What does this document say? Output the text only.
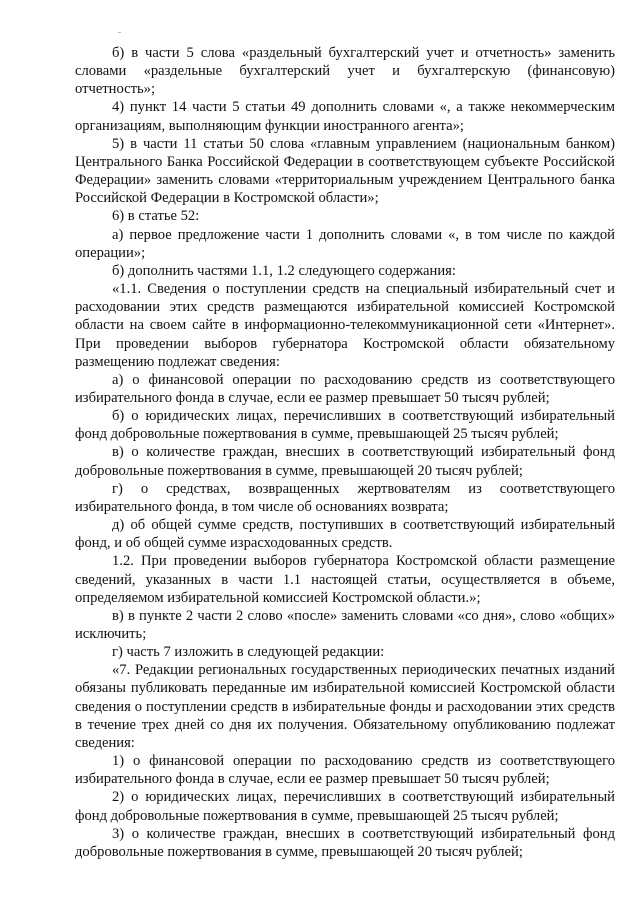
б) в части 5 слова «раздельный бухгалтерский учет и отчетность» заменить словами «раздельные бухгалтерский учет и бухгалтерскую (финансовую) отчетность»;

4) пункт 14 части 5 статьи 49 дополнить словами «, а также некоммерческим организациям, выполняющим функции иностранного агента»;

5) в части 11 статьи 50 слова «главным управлением (национальным банком) Центрального Банка Российской Федерации в соответствующем субъекте Российской Федерации» заменить словами «территориальным учреждением Центрального банка Российской Федерации в Костромской области»;

6) в статье 52:

а) первое предложение части 1 дополнить словами «, в том числе по каждой операции»;

б) дополнить частями 1.1, 1.2 следующего содержания:

«1.1. Сведения о поступлении средств на специальный избирательный счет и расходовании этих средств размещаются избирательной комиссией Костромской области на своем сайте в информационно-телекоммуникационной сети «Интернет». При проведении выборов губернатора Костромской области обязательному размещению подлежат сведения:

а) о финансовой операции по расходованию средств из соответствующего избирательного фонда в случае, если ее размер превышает 50 тысяч рублей;

б) о юридических лицах, перечисливших в соответствующий избирательный фонд добровольные пожертвования в сумме, превышающей 25 тысяч рублей;

в) о количестве граждан, внесших в соответствующий избирательный фонд добровольные пожертвования в сумме, превышающей 20 тысяч рублей;

г) о средствах, возвращенных жертвователям из соответствующего избирательного фонда, в том числе об основаниях возврата;

д) об общей сумме средств, поступивших в соответствующий избирательный фонд, и об общей сумме израсходованных средств.

1.2. При проведении выборов губернатора Костромской области размещение сведений, указанных в части 1.1 настоящей статьи, осуществляется в объеме, определяемом избирательной комиссией Костромской области.»;

в) в пункте 2 части 2 слово «после» заменить словами «со дня», слово «общих» исключить;

г) часть 7 изложить в следующей редакции:

«7. Редакции региональных государственных периодических печатных изданий обязаны публиковать переданные им избирательной комиссией Костромской области сведения о поступлении средств в избирательные фонды и расходовании этих средств в течение трех дней со дня их получения. Обязательному опубликованию подлежат сведения:

1) о финансовой операции по расходованию средств из соответствующего избирательного фонда в случае, если ее размер превышает 50 тысяч рублей;

2) о юридических лицах, перечисливших в соответствующий избирательный фонд добровольные пожертвования в сумме, превышающей 25 тысяч рублей;

3) о количестве граждан, внесших в соответствующий избирательный фонд добровольные пожертвования в сумме, превышающей 20 тысяч рублей;
